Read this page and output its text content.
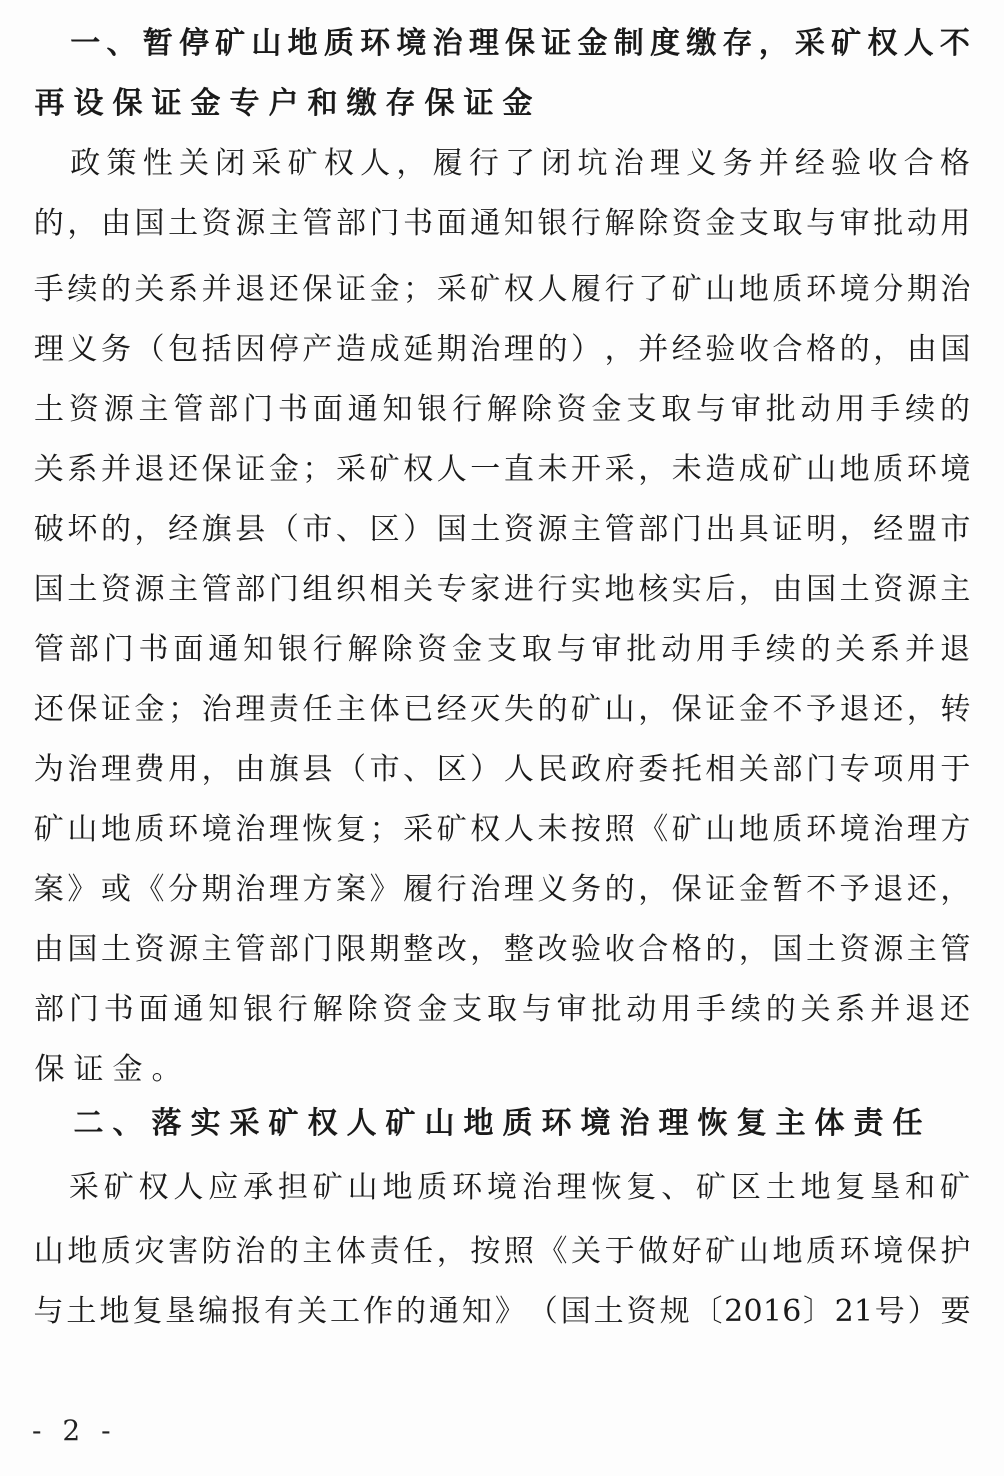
一 、 暂 停 矿 山 地 质 环 境 治 理 保 证 金 制 度 缴 存 ， 采 矿 权 人 不
再 设 保 证 金 专 户 和 缴 存 保 证 金

政 策 性 关 闭 采 矿 权 人 ， 履 行 了 闭 坑 治 理 义 务 并 经 验 收 合 格
的 ， 由 国 土 资 源 主 管 部 门 书 面 通 知 银 行 解 除 资 金 支 取 与 审 批 动 用
手 续 的 关 系 并 退 还 保 证 金 ； 采 矿 权 人 履 行 了 矿 山 地 质 环 境 分 期 治
理 义 务 （ 包 括 因 停 产 造 成 延 期 治 理 的 ） ， 并 经 验 收 合 格 的 ， 由 国
土 资 源 主 管 部 门 书 面 通 知 银 行 解 除 资 金 支 取 与 审 批 动 用 手 续 的
关 系 并 退 还 保 证 金 ； 采 矿 权 人 一 直 未 开 采 ， 未 造 成 矿 山 地 质 环 境
破 坏 的 ， 经 旗 县 （ 市 、 区 ） 国 土 资 源 主 管 部 门 出 具 证 明 ， 经 盟 市
国 土 资 源 主 管 部 门 组 织 相 关 专 家 进 行 实 地 核 实 后 ， 由 国 土 资 源 主
管 部 门 书 面 通 知 银 行 解 除 资 金 支 取 与 审 批 动 用 手 续 的 关 系 并 退
还 保 证 金 ； 治 理 责 任 主 体 已 经 灭 失 的 矿 山 ， 保 证 金 不 予 退 还 ， 转
为 治 理 费 用 ， 由 旗 县 （ 市 、 区 ） 人 民 政 府 委 托 相 关 部 门 专 项 用 于
矿 山 地 质 环 境 治 理 恢 复 ； 采 矿 权 人 未 按 照 《 矿 山 地 质 环 境 治 理 方
案 》 或 《 分 期 治 理 方 案 》 履 行 治 理 义 务 的 ， 保 证 金 暂 不 予 退 还 ，
由 国 土 资 源 主 管 部 门 限 期 整 改 ， 整 改 验 收 合 格 的 ， 国 土 资 源 主 管
部 门 书 面 通 知 银 行 解 除 资 金 支 取 与 审 批 动 用 手 续 的 关 系 并 退 还
保 证 金 。

二 、 落 实 采 矿 权 人 矿 山 地 质 环 境 治 理 恢 复 主 体 责 任

采 矿 权 人 应 承 担 矿 山 地 质 环 境 治 理 恢 复 、 矿 区 土 地 复 垦 和 矿
山 地 质 灾 害 防 治 的 主 体 责 任 ， 按 照 《 关 于 做 好 矿 山 地 质 环 境 保 护
与 土 地 复 垦 编 报 有 关 工 作 的 通 知 》 （ 国 土 资 规 〔 2 0 1 6 〕 2 1 号 ） 要
- 2 -
